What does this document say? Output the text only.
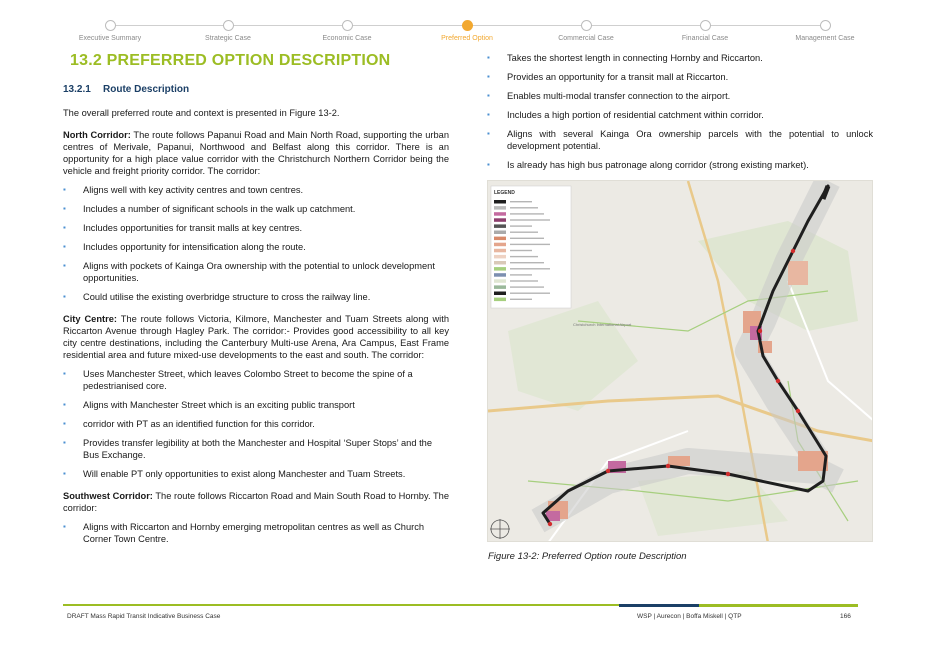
Executive Summary	Strategic Case	Economic Case	Preferred Option	Commercial Case	Financial Case	Management Case
13.2 PREFERRED OPTION DESCRIPTION
13.2.1 Route Description

The overall preferred route and context is presented in Figure 13-2.

North Corridor: The route follows Papanui Road and Main North Road, supporting the urban centres of Merivale, Papanui, Northwood and Belfast along this corridor. There is an opportunity for a high place value corridor with the Christchurch Northern Corridor being the vehicle and freight priority corridor. The corridor:

▪ Aligns well with key activity centres and town centres.
▪ Includes a number of significant schools in the walk up catchment.
▪ Includes opportunities for transit malls at key centres.
▪ Includes opportunity for intensification along the route.
▪ Aligns with pockets of Kainga Ora ownership with the potential to unlock development opportunities.
▪ Could utilise the existing overbridge structure to cross the railway line.

City Centre: The route follows Victoria, Kilmore, Manchester and Tuam Streets along with Riccarton Avenue through Hagley Park. The corridor:- Provides good accessibility to all key city centre destinations, including the Canterbury Multi-use Arena, Ara Campus, East Frame residential area and future mixed-use developments to the east and south. The corridor:

▪ Uses Manchester Street, which leaves Colombo Street to become the spine of a pedestrianised core.
▪ Aligns with Manchester Street which is an exciting public transport
▪ corridor with PT as an identified function for this corridor.
▪ Provides transfer legibility at both the Manchester and Hospital ‘Super Stops’ and the Bus Exchange.
▪ Will enable PT only opportunities to exist along Manchester and Tuam Streets.

Southwest Corridor: The route follows Riccarton Road and Main South Road to Hornby. The corridor:

▪ Aligns with Riccarton and Hornby emerging metropolitan centres as well as Church Corner Town Centre.
▪ Takes the shortest length in connecting Hornby and Riccarton.
▪ Provides an opportunity for a transit mall at Riccarton.
▪ Enables multi-modal transfer connection to the airport.
▪ Includes a high portion of residential catchment within corridor.
▪ Aligns with several Kainga Ora ownership parcels with the potential to unlock development potential.
▪ Is already has high bus patronage along corridor (strong existing market).
Christchurch International Airport
LEGEND
Figure 13-2: Preferred Option route Description
DRAFT Mass Rapid Transit Indicative Business Case	WSP | Aurecon | Boffa Miskell | QTP	166
